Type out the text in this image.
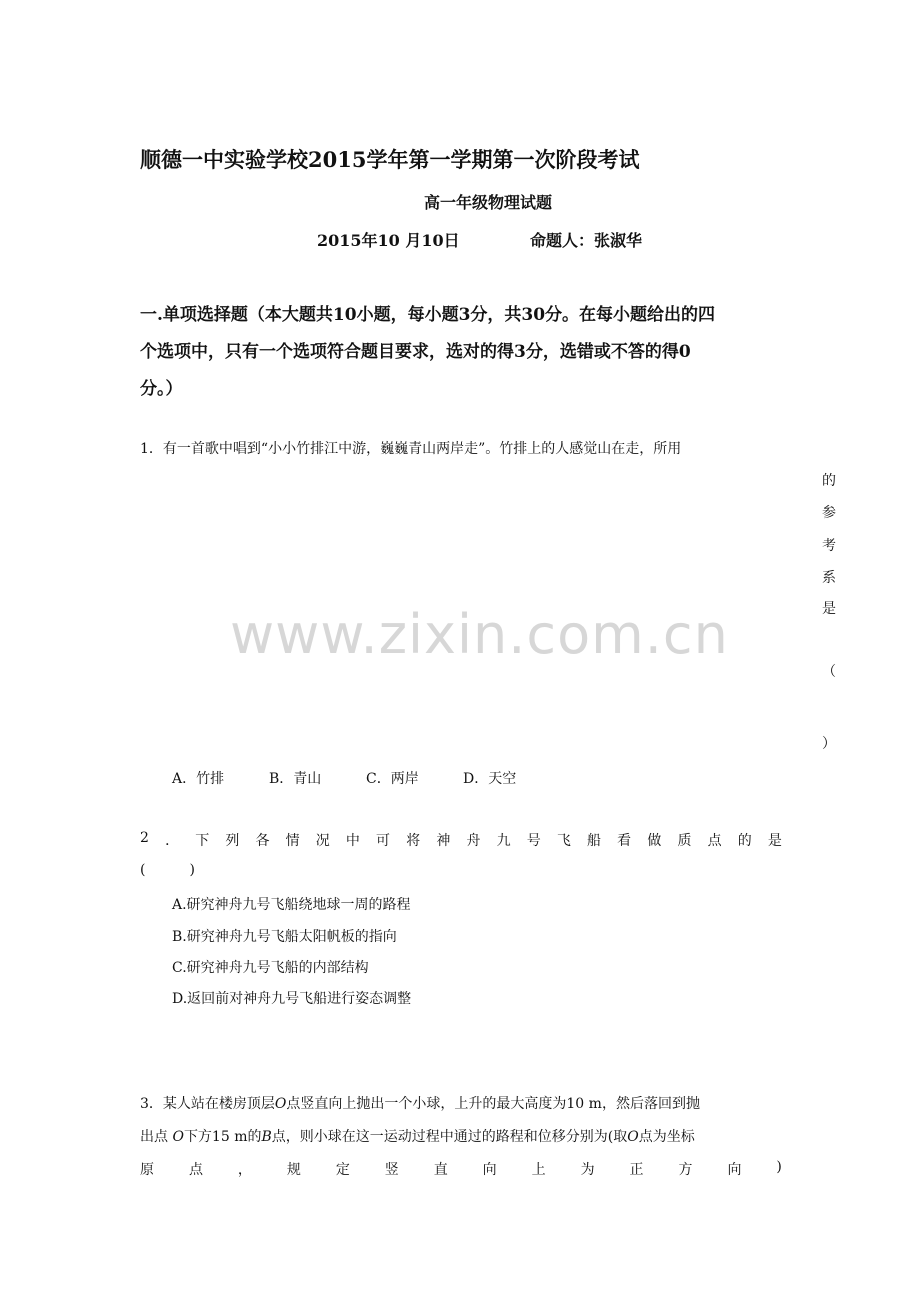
顺德一中实验学校2015学年第一学期第一次阶段考试
高一年级物理试题
2015年10 月10日	命题人：张淑华
一.单项选择题（本大题共10小题，每小题3分，共30分。在每小题给出的四
个选项中，只有一个选项符合题目要求，选对的得3分，选错或不答的得0
分。）
1．有一首歌中唱到“小小竹排江中游，巍巍青山两岸走”。竹排上的人感觉山在走，所用
的
参
考
系
是
（
）
A．竹排	B．青山	C．两岸	D．天空
www.zixin.com.cn
2 ． 下 列 各 情 况 中 可 将 神 舟 九 号 飞 船 看 做 质 点 的 是
(	)
A.研究神舟九号飞船绕地球一周的路程
B.研究神舟九号飞船太阳帆板的指向
C.研究神舟九号飞船的内部结构
D.返回前对神舟九号飞船进行姿态调整
3．某人站在楼房顶层O点竖直向上抛出一个小球，上升的最大高度为10 m，然后落回到抛
出点 O下方15 m的B点，则小球在这一运动过程中通过的路程和位移分别为(取O点为坐标
原 点 ， 规 定 竖 直 向 上 为 正 方 向 )
